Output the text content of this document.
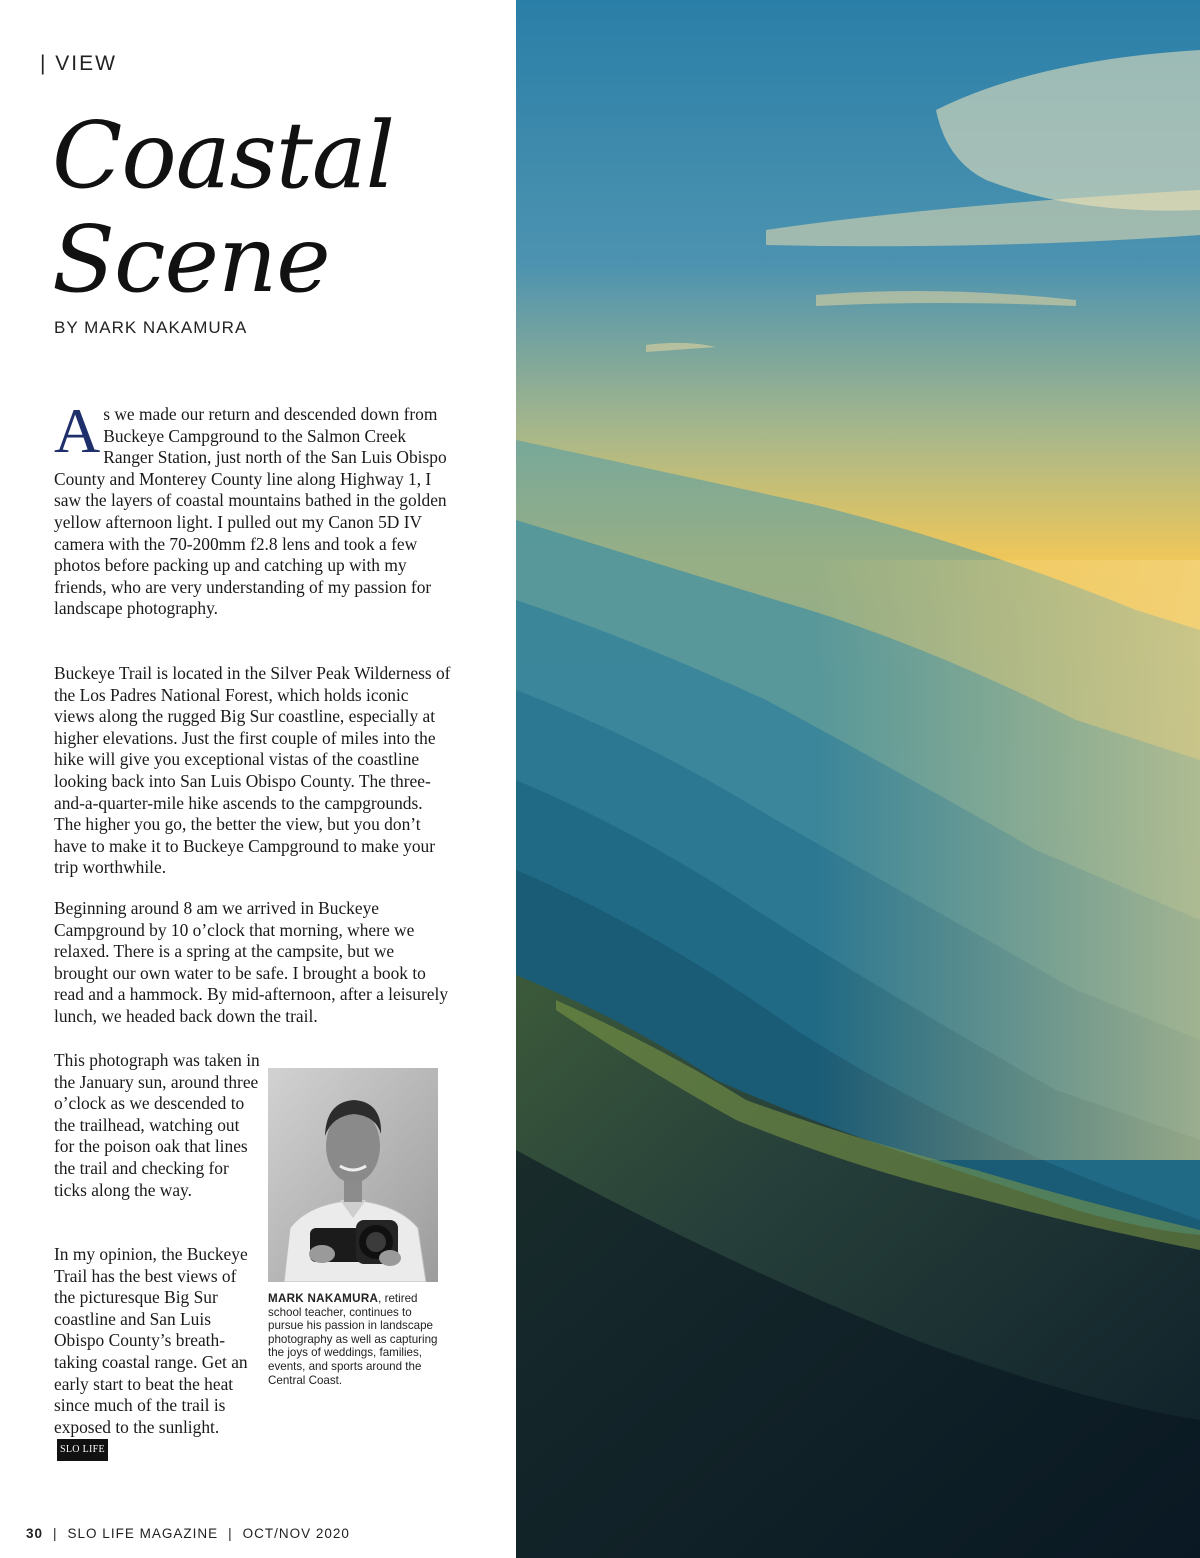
| VIEW
Coastal
Scene
BY MARK NAKAMURA

As we made our return and descended down from Buckeye Campground to the Salmon Creek Ranger Station, just north of the San Luis Obispo County and Monterey County line along Highway 1, I saw the layers of coastal mountains bathed in the golden yellow afternoon light. I pulled out my Canon 5D IV camera with the 70-200mm f2.8 lens and took a few photos before packing up and catching up with my friends, who are very understanding of my passion for landscape photography.

Buckeye Trail is located in the Silver Peak Wilderness of the Los Padres National Forest, which holds iconic views along the rugged Big Sur coastline, especially at higher elevations. Just the first couple of miles into the hike will give you exceptional vistas of the coastline looking back into San Luis Obispo County. The three-and-a-quarter-mile hike ascends to the campgrounds. The higher you go, the better the view, but you don’t have to make it to Buckeye Campground to make your trip worthwhile.

Beginning around 8 am we arrived in Buckeye Campground by 10 o’clock that morning, where we relaxed. There is a spring at the campsite, but we brought our own water to be safe. I brought a book to read and a hammock. By mid-afternoon, after a leisurely lunch, we headed back down the trail.

This photograph was taken in the January sun, around three o’clock as we descended to the trailhead, watching out for the poison oak that lines the trail and checking for ticks along the way.

In my opinion, the Buckeye Trail has the best views of the picturesque Big Sur coastline and San Luis Obispo County’s breath-taking coastal range. Get an early start to beat the heat since much of the trail is exposed to the sunlight.SLO LIFE

MARK NAKAMURA, retired school teacher, continues to pursue his passion in landscape photography as well as capturing the joys of weddings, families, events, and sports around the Central Coast.
30 | SLO LIFE MAGAZINE | OCT/NOV 2020
